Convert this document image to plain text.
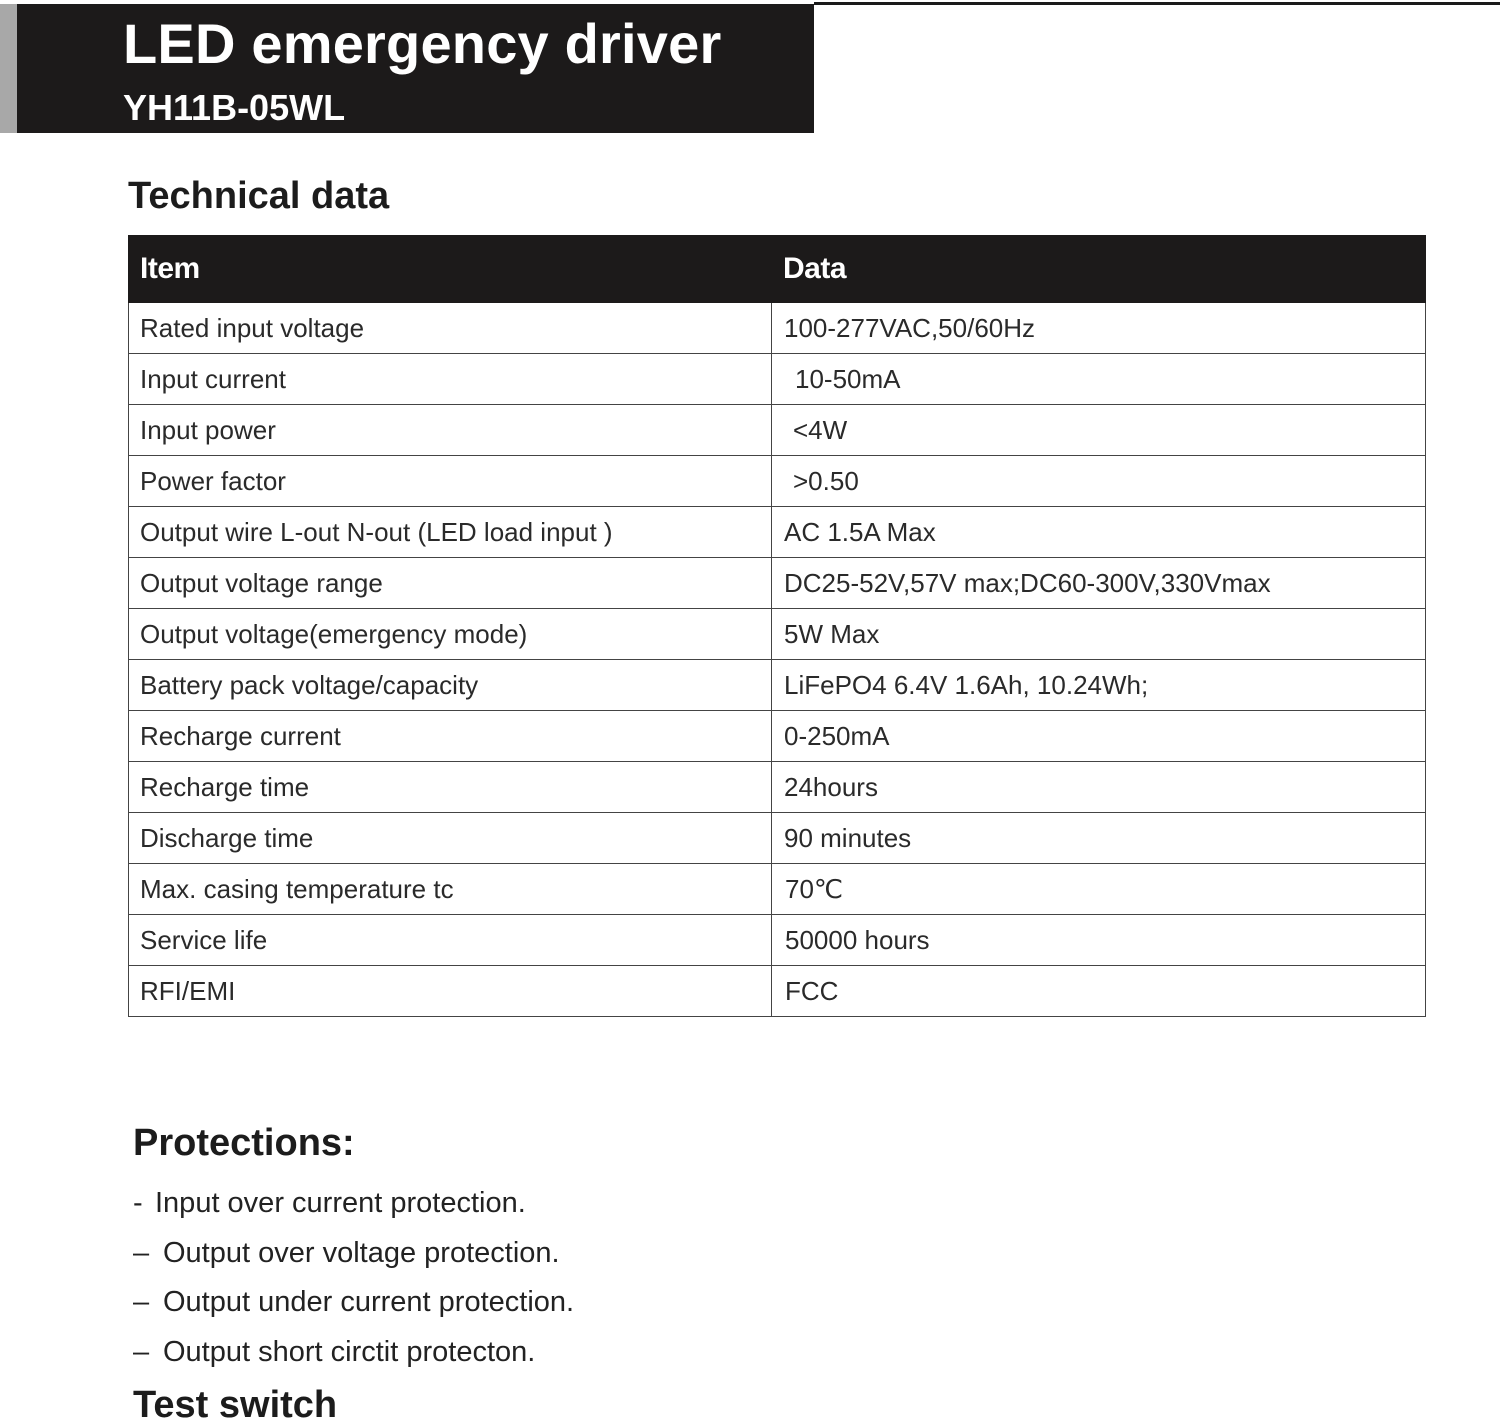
LED emergency driver
YH11B-05WL
Technical data
Item	Data
Rated input voltage	100-277VAC,50/60Hz
Input current	10-50mA
Input power	<4W
Power factor	>0.50
Output wire L-out N-out (LED load input )	AC 1.5A Max
Output voltage range	DC25-52V,57V max;DC60-300V,330Vmax
Output voltage(emergency mode)	5W Max
Battery pack voltage/capacity	LiFePO4 6.4V 1.6Ah, 10.24Wh;
Recharge current	0-250mA
Recharge time	24hours
Discharge time	90 minutes
Max. casing temperature tc	70℃
Service life	50000 hours
RFI/EMI	FCC
Protections:
- Input over current protection.
– Output over voltage protection.
– Output under current protection.
– Output short circtit protecton.
Test switch
